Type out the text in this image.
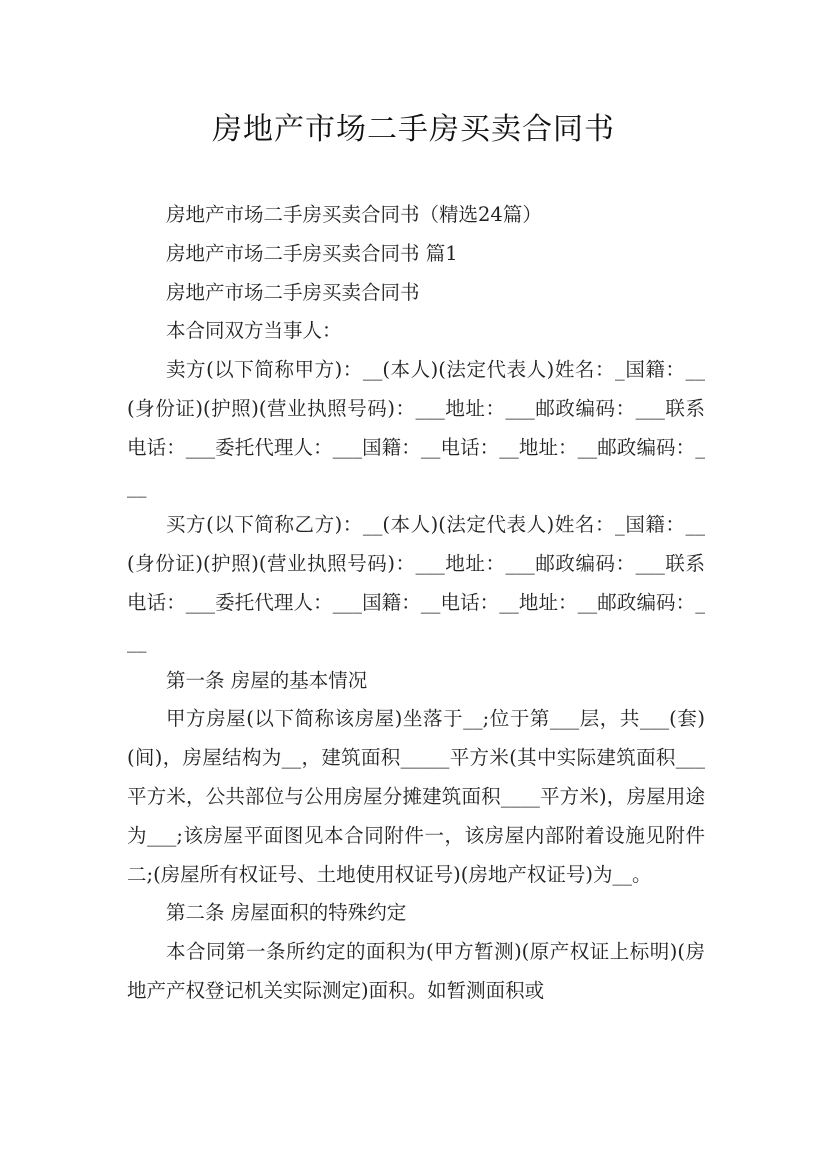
房地产市场二手房买卖合同书

房地产市场二手房买卖合同书（精选24篇）

房地产市场二手房买卖合同书 篇1

房地产市场二手房买卖合同书

本合同双方当事人：

卖方(以下简称甲方)：__(本人)(法定代表人)姓名：_国籍：__(身份证)(护照)(营业执照号码)：___地址：___邮政编码：___联系电话：___委托代理人：___国籍：__电话：__地址：__邮政编码：___

买方(以下简称乙方)：__(本人)(法定代表人)姓名：_国籍：__(身份证)(护照)(营业执照号码)：___地址：___邮政编码：___联系电话：___委托代理人：___国籍：__电话：__地址：__邮政编码：___

第一条 房屋的基本情况

甲方房屋(以下简称该房屋)坐落于__;位于第___层，共___(套)(间)，房屋结构为__，建筑面积_____平方米(其中实际建筑面积___平方米，公共部位与公用房屋分摊建筑面积____平方米)，房屋用途为___;该房屋平面图见本合同附件一，该房屋内部附着设施见附件二;(房屋所有权证号、土地使用权证号)(房地产权证号)为__。

第二条 房屋面积的特殊约定

本合同第一条所约定的面积为(甲方暂测)(原产权证上标明)(房地产产权登记机关实际测定)面积。如暂测面积或
